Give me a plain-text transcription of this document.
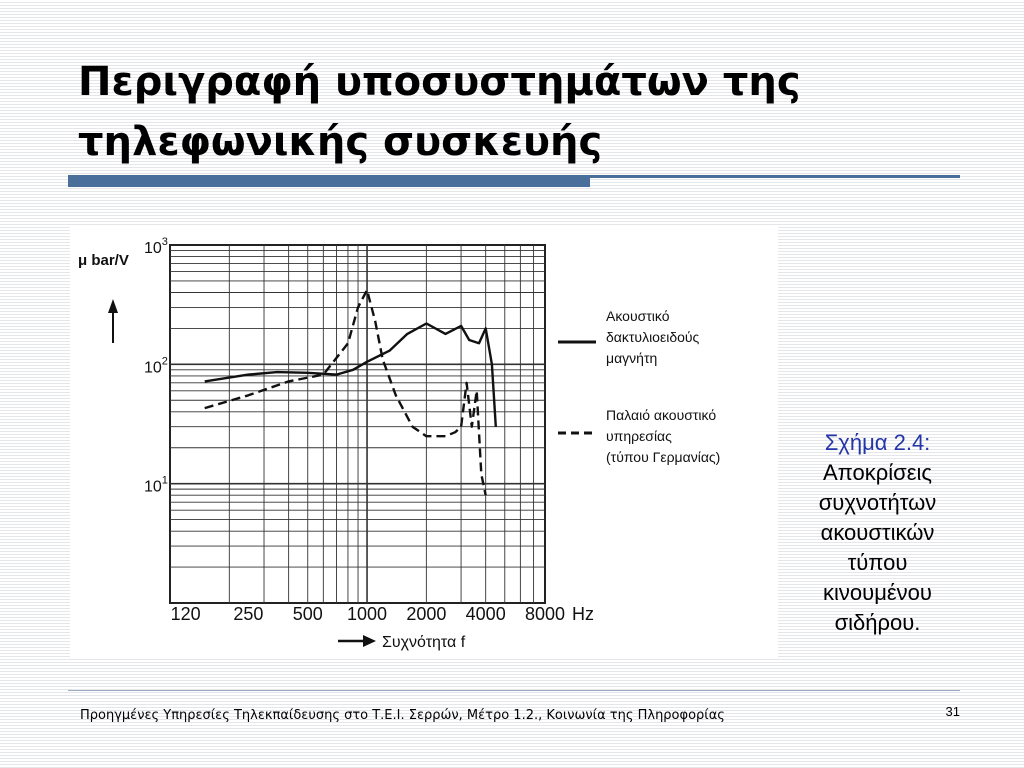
Περιγραφή υποσυστημάτων της τηλεφωνικής συσκευής
$10^1$
$10^2$
$10^3$
120 250 500 1000 2000 4000 8000
μ bar/V
Συχνότητα f
Hz
Ακουστικό δακτυλιοειδούς μαγνήτη
Παλαιό ακουστικό υπηρεσίας (τύπου Γερμανίας)
Σχήμα 2.4:
Αποκρίσεις συχνοτήτων ακουστικών τύπου κινουμένου σιδήρου.
Προηγμένες Υπηρεσίες Τηλεκπαίδευσης στο Τ.Ε.Ι. Σερρών, Μέτρο 1.2., Κοινωνία της Πληροφορίας	31
